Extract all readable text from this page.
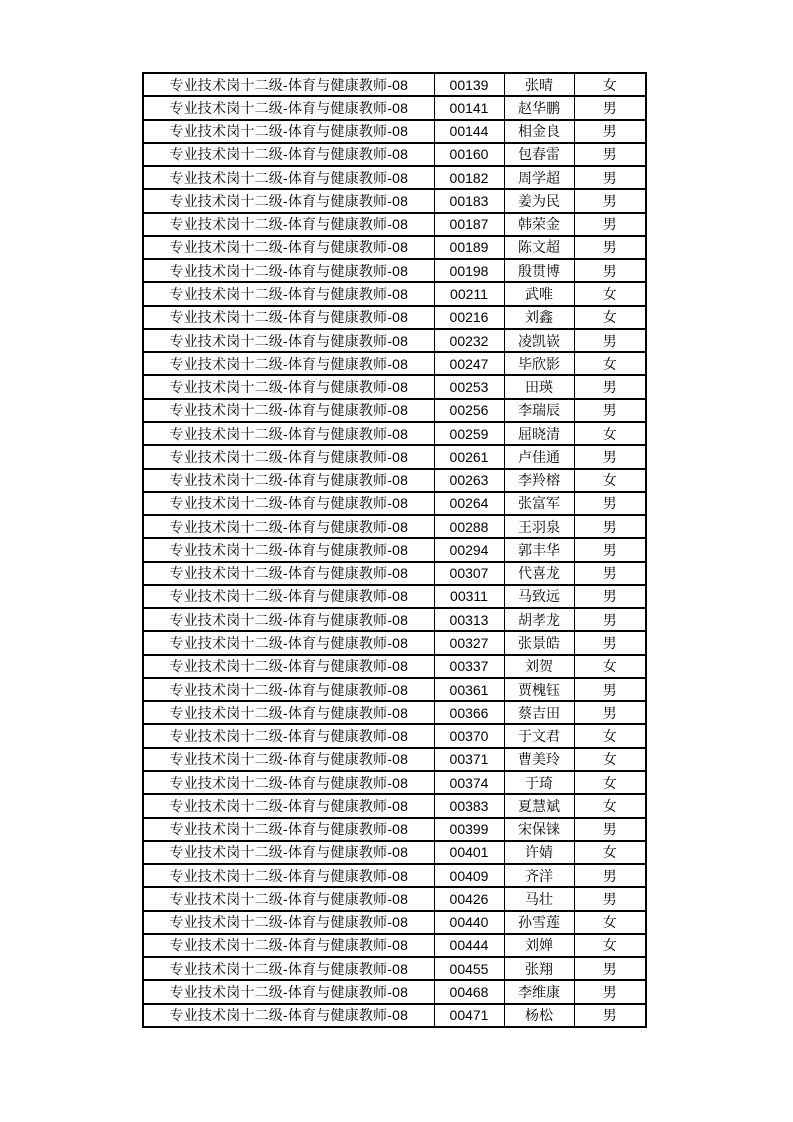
专业技术岗十二级-体育与健康教师-08	00139	张晴	女
专业技术岗十二级-体育与健康教师-08	00141	赵华鹏	男
专业技术岗十二级-体育与健康教师-08	00144	相金良	男
专业技术岗十二级-体育与健康教师-08	00160	包春雷	男
专业技术岗十二级-体育与健康教师-08	00182	周学超	男
专业技术岗十二级-体育与健康教师-08	00183	姜为民	男
专业技术岗十二级-体育与健康教师-08	00187	韩荣金	男
专业技术岗十二级-体育与健康教师-08	00189	陈文超	男
专业技术岗十二级-体育与健康教师-08	00198	殷贯博	男
专业技术岗十二级-体育与健康教师-08	00211	武唯	女
专业技术岗十二级-体育与健康教师-08	00216	刘鑫	女
专业技术岗十二级-体育与健康教师-08	00232	凌凯嵚	男
专业技术岗十二级-体育与健康教师-08	00247	毕欣影	女
专业技术岗十二级-体育与健康教师-08	00253	田瑛	男
专业技术岗十二级-体育与健康教师-08	00256	李瑞辰	男
专业技术岗十二级-体育与健康教师-08	00259	屈晓清	女
专业技术岗十二级-体育与健康教师-08	00261	卢佳通	男
专业技术岗十二级-体育与健康教师-08	00263	李羚榕	女
专业技术岗十二级-体育与健康教师-08	00264	张富军	男
专业技术岗十二级-体育与健康教师-08	00288	王羽泉	男
专业技术岗十二级-体育与健康教师-08	00294	郭丰华	男
专业技术岗十二级-体育与健康教师-08	00307	代喜龙	男
专业技术岗十二级-体育与健康教师-08	00311	马致远	男
专业技术岗十二级-体育与健康教师-08	00313	胡孝龙	男
专业技术岗十二级-体育与健康教师-08	00327	张景皓	男
专业技术岗十二级-体育与健康教师-08	00337	刘贺	女
专业技术岗十二级-体育与健康教师-08	00361	贾槐钰	男
专业技术岗十二级-体育与健康教师-08	00366	蔡吉田	男
专业技术岗十二级-体育与健康教师-08	00370	于文君	女
专业技术岗十二级-体育与健康教师-08	00371	曹美玲	女
专业技术岗十二级-体育与健康教师-08	00374	于琦	女
专业技术岗十二级-体育与健康教师-08	00383	夏慧斌	女
专业技术岗十二级-体育与健康教师-08	00399	宋保铼	男
专业技术岗十二级-体育与健康教师-08	00401	许婧	女
专业技术岗十二级-体育与健康教师-08	00409	齐洋	男
专业技术岗十二级-体育与健康教师-08	00426	马壮	男
专业技术岗十二级-体育与健康教师-08	00440	孙雪莲	女
专业技术岗十二级-体育与健康教师-08	00444	刘婵	女
专业技术岗十二级-体育与健康教师-08	00455	张翔	男
专业技术岗十二级-体育与健康教师-08	00468	李维康	男
专业技术岗十二级-体育与健康教师-08	00471	杨松	男
